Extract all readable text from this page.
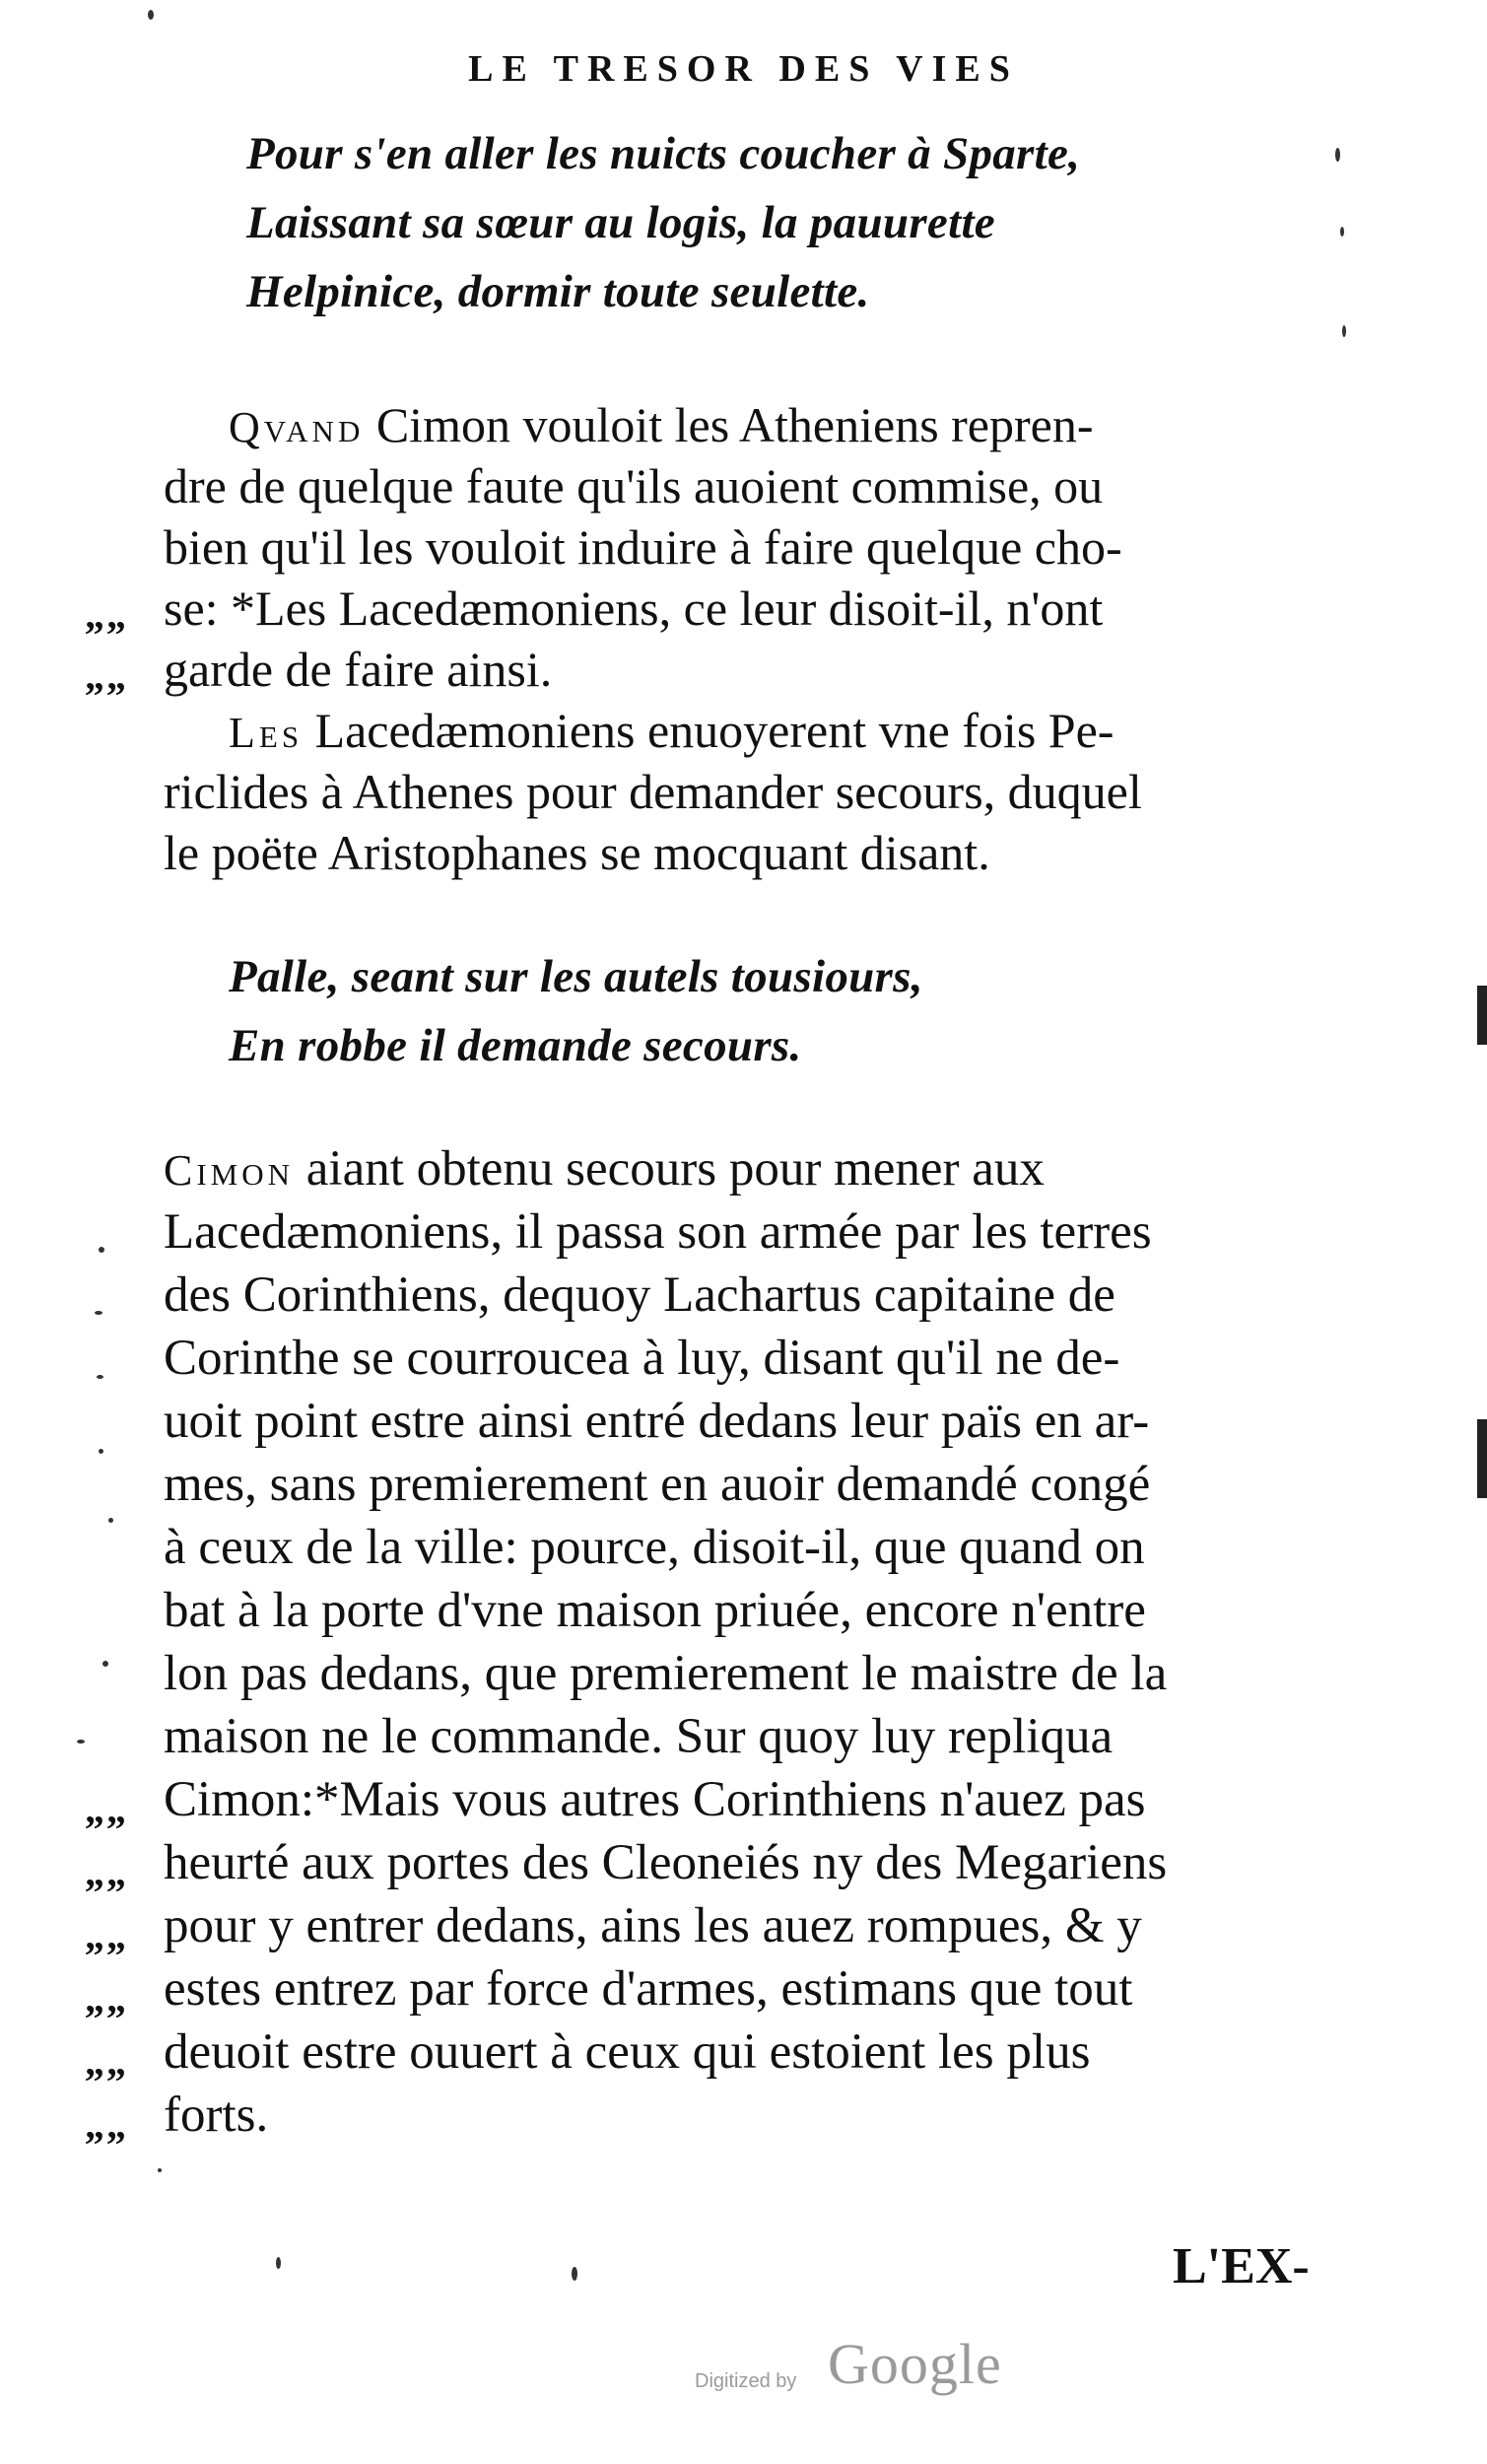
LE TRESOR DES VIES
Pour s'en aller les nuicts coucher à Sparte,
Laissant sa sœur au logis, la pauurette
Helpinice, dormir toute seulette.
Qvand Cimon vouloit les Atheniens repren-
dre de quelque faute qu'ils auoient commise, ou
bien qu'il les vouloit induire à faire quelque cho-
se: *Les Lacedæmoniens, ce leur disoit-il, n'ont
garde de faire ainsi.
„„
„„
Les Lacedæmoniens enuoyerent vne fois Pe-
riclides à Athenes pour demander secours, duquel
le poëte Aristophanes se mocquant disant.
Palle, seant sur les autels tousiours,
En robbe il demande secours.
Cimon aiant obtenu secours pour mener aux
Lacedæmoniens, il passa son armée par les terres
des Corinthiens, dequoy Lachartus capitaine de
Corinthe se courroucea à luy, disant qu'il ne de-
uoit point estre ainsi entré dedans leur païs en ar-
mes, sans premierement en auoir demandé congé
à ceux de la ville: pource, disoit-il, que quand on
bat à la porte d'vne maison priuée, encore n'entre
lon pas dedans, que premierement le maistre de la
maison ne le commande. Sur quoy luy repliqua
Cimon:*Mais vous autres Corinthiens n'auez pas
heurté aux portes des Cleoneiés ny des Megariens
pour y entrer dedans, ains les auez rompues, & y
estes entrez par force d'armes, estimans que tout
deuoit estre ouuert à ceux qui estoient les plus
forts.
„„
„„
„„
„„
„„
„„
L'EX-
Digitized by Google
